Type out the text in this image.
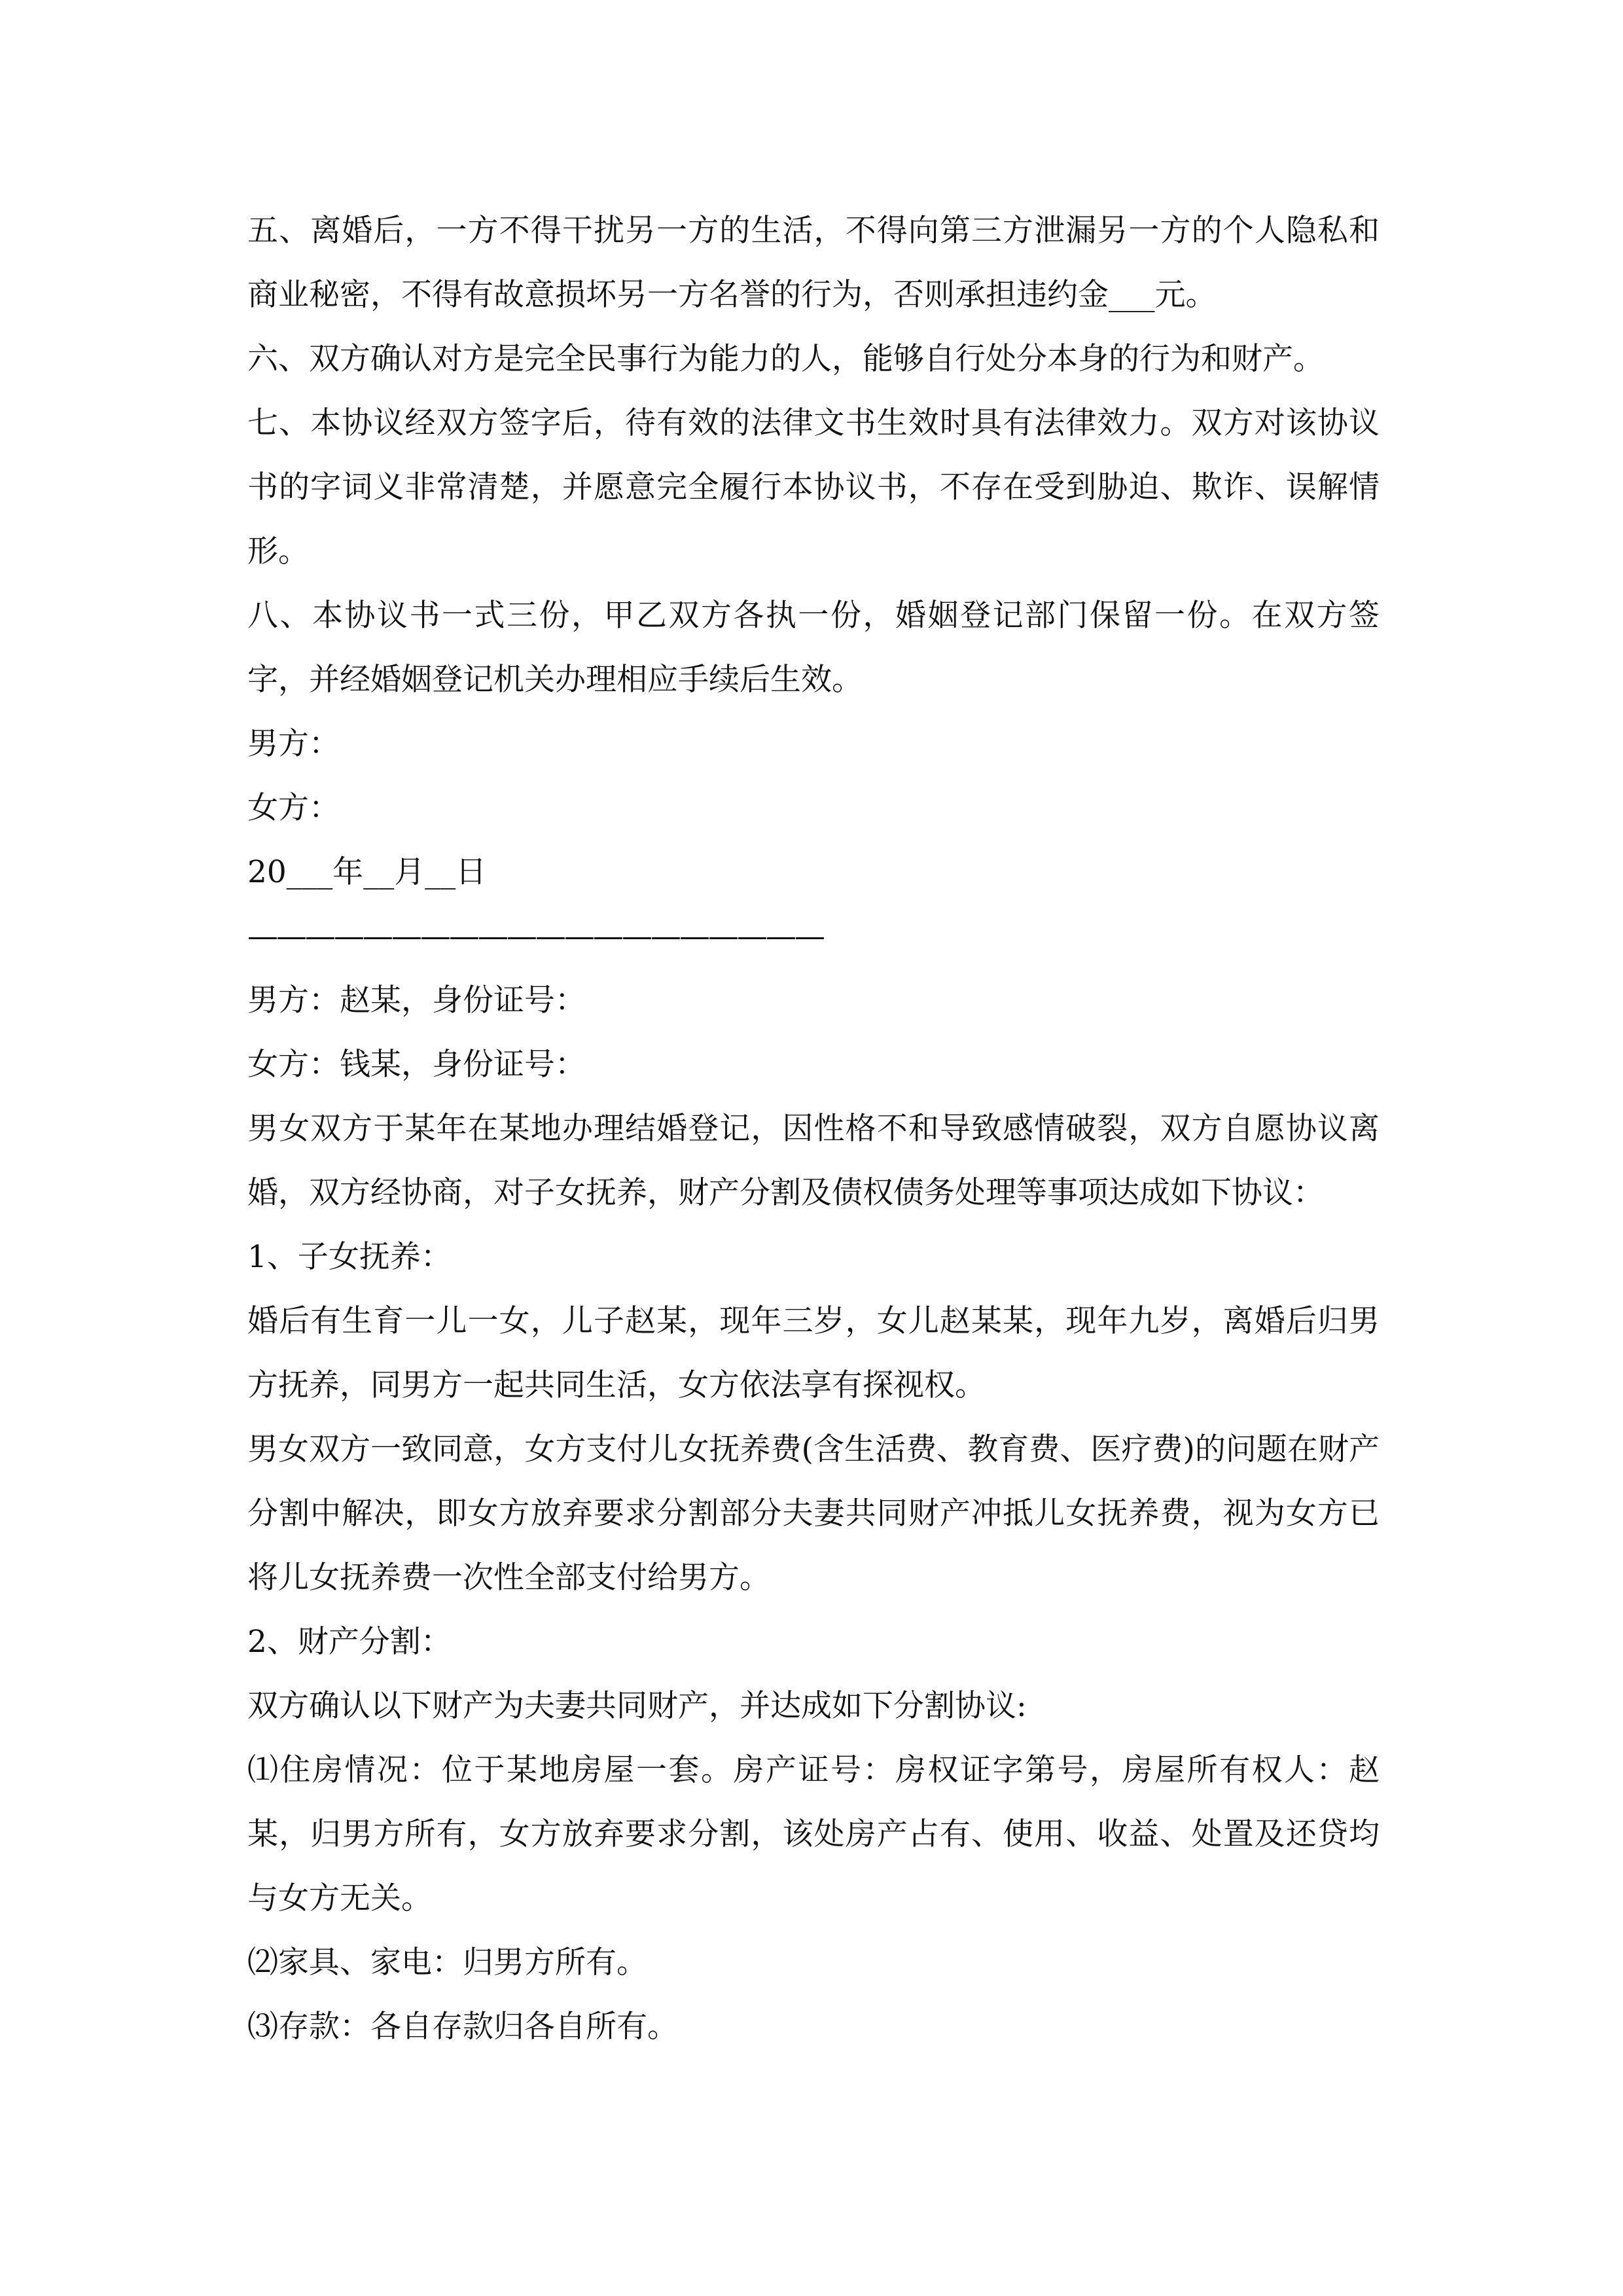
五、离婚后，一方不得干扰另一方的生活，不得向第三方泄漏另一方的个人隐私和商业秘密，不得有故意损坏另一方名誉的行为，否则承担违约金___元。

六、双方确认对方是完全民事行为能力的人，能够自行处分本身的行为和财产。

七、本协议经双方签字后，待有效的法律文书生效时具有法律效力。双方对该协议书的字词义非常清楚，并愿意完全履行本协议书，不存在受到胁迫、欺诈、误解情形。

八、本协议书一式三份，甲乙双方各执一份，婚姻登记部门保留一份。在双方签字，并经婚姻登记机关办理相应手续后生效。

男方：

女方：

20___年__月__日

————————————————————

男方：赵某，身份证号：

女方：钱某，身份证号：

男女双方于某年在某地办理结婚登记，因性格不和导致感情破裂，双方自愿协议离婚，双方经协商，对子女抚养，财产分割及债权债务处理等事项达成如下协议：

1、子女抚养：

婚后有生育一儿一女，儿子赵某，现年三岁，女儿赵某某，现年九岁，离婚后归男方抚养，同男方一起共同生活，女方依法享有探视权。

男女双方一致同意，女方支付儿女抚养费(含生活费、教育费、医疗费)的问题在财产分割中解决，即女方放弃要求分割部分夫妻共同财产冲抵儿女抚养费，视为女方已将儿女抚养费一次性全部支付给男方。

2、财产分割：

双方确认以下财产为夫妻共同财产，并达成如下分割协议:

⑴住房情况：位于某地房屋一套。房产证号：房权证字第号，房屋所有权人：赵某，归男方所有，女方放弃要求分割，该处房产占有、使用、收益、处置及还贷均与女方无关。

⑵家具、家电：归男方所有。

⑶存款：各自存款归各自所有。
